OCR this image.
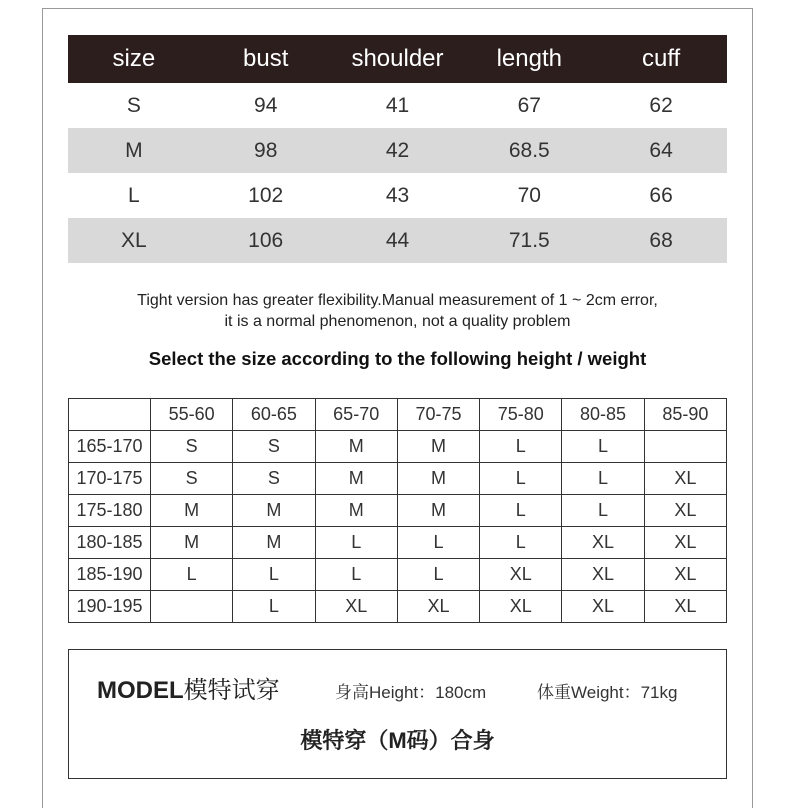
size	bust	shoulder	length	cuff
S	94	41	67	62
M	98	42	68.5	64
L	102	43	70	66
XL	106	44	71.5	68
Tight version has greater flexibility.Manual measurement of 1 ~ 2cm error,
it is a normal phenomenon, not a quality problem
Select the size according to the following height / weight
	55-60	60-65	65-70	70-75	75-80	80-85	85-90
165-170	S	S	M	M	L	L	
170-175	S	S	M	M	L	L	XL
175-180	M	M	M	M	L	L	XL
180-185	M	M	L	L	L	XL	XL
185-190	L	L	L	L	XL	XL	XL
190-195		L	XL	XL	XL	XL	XL
MODEL模特试穿	身高Height：180cm	体重Weight：71kg
模特穿（M码）合身
